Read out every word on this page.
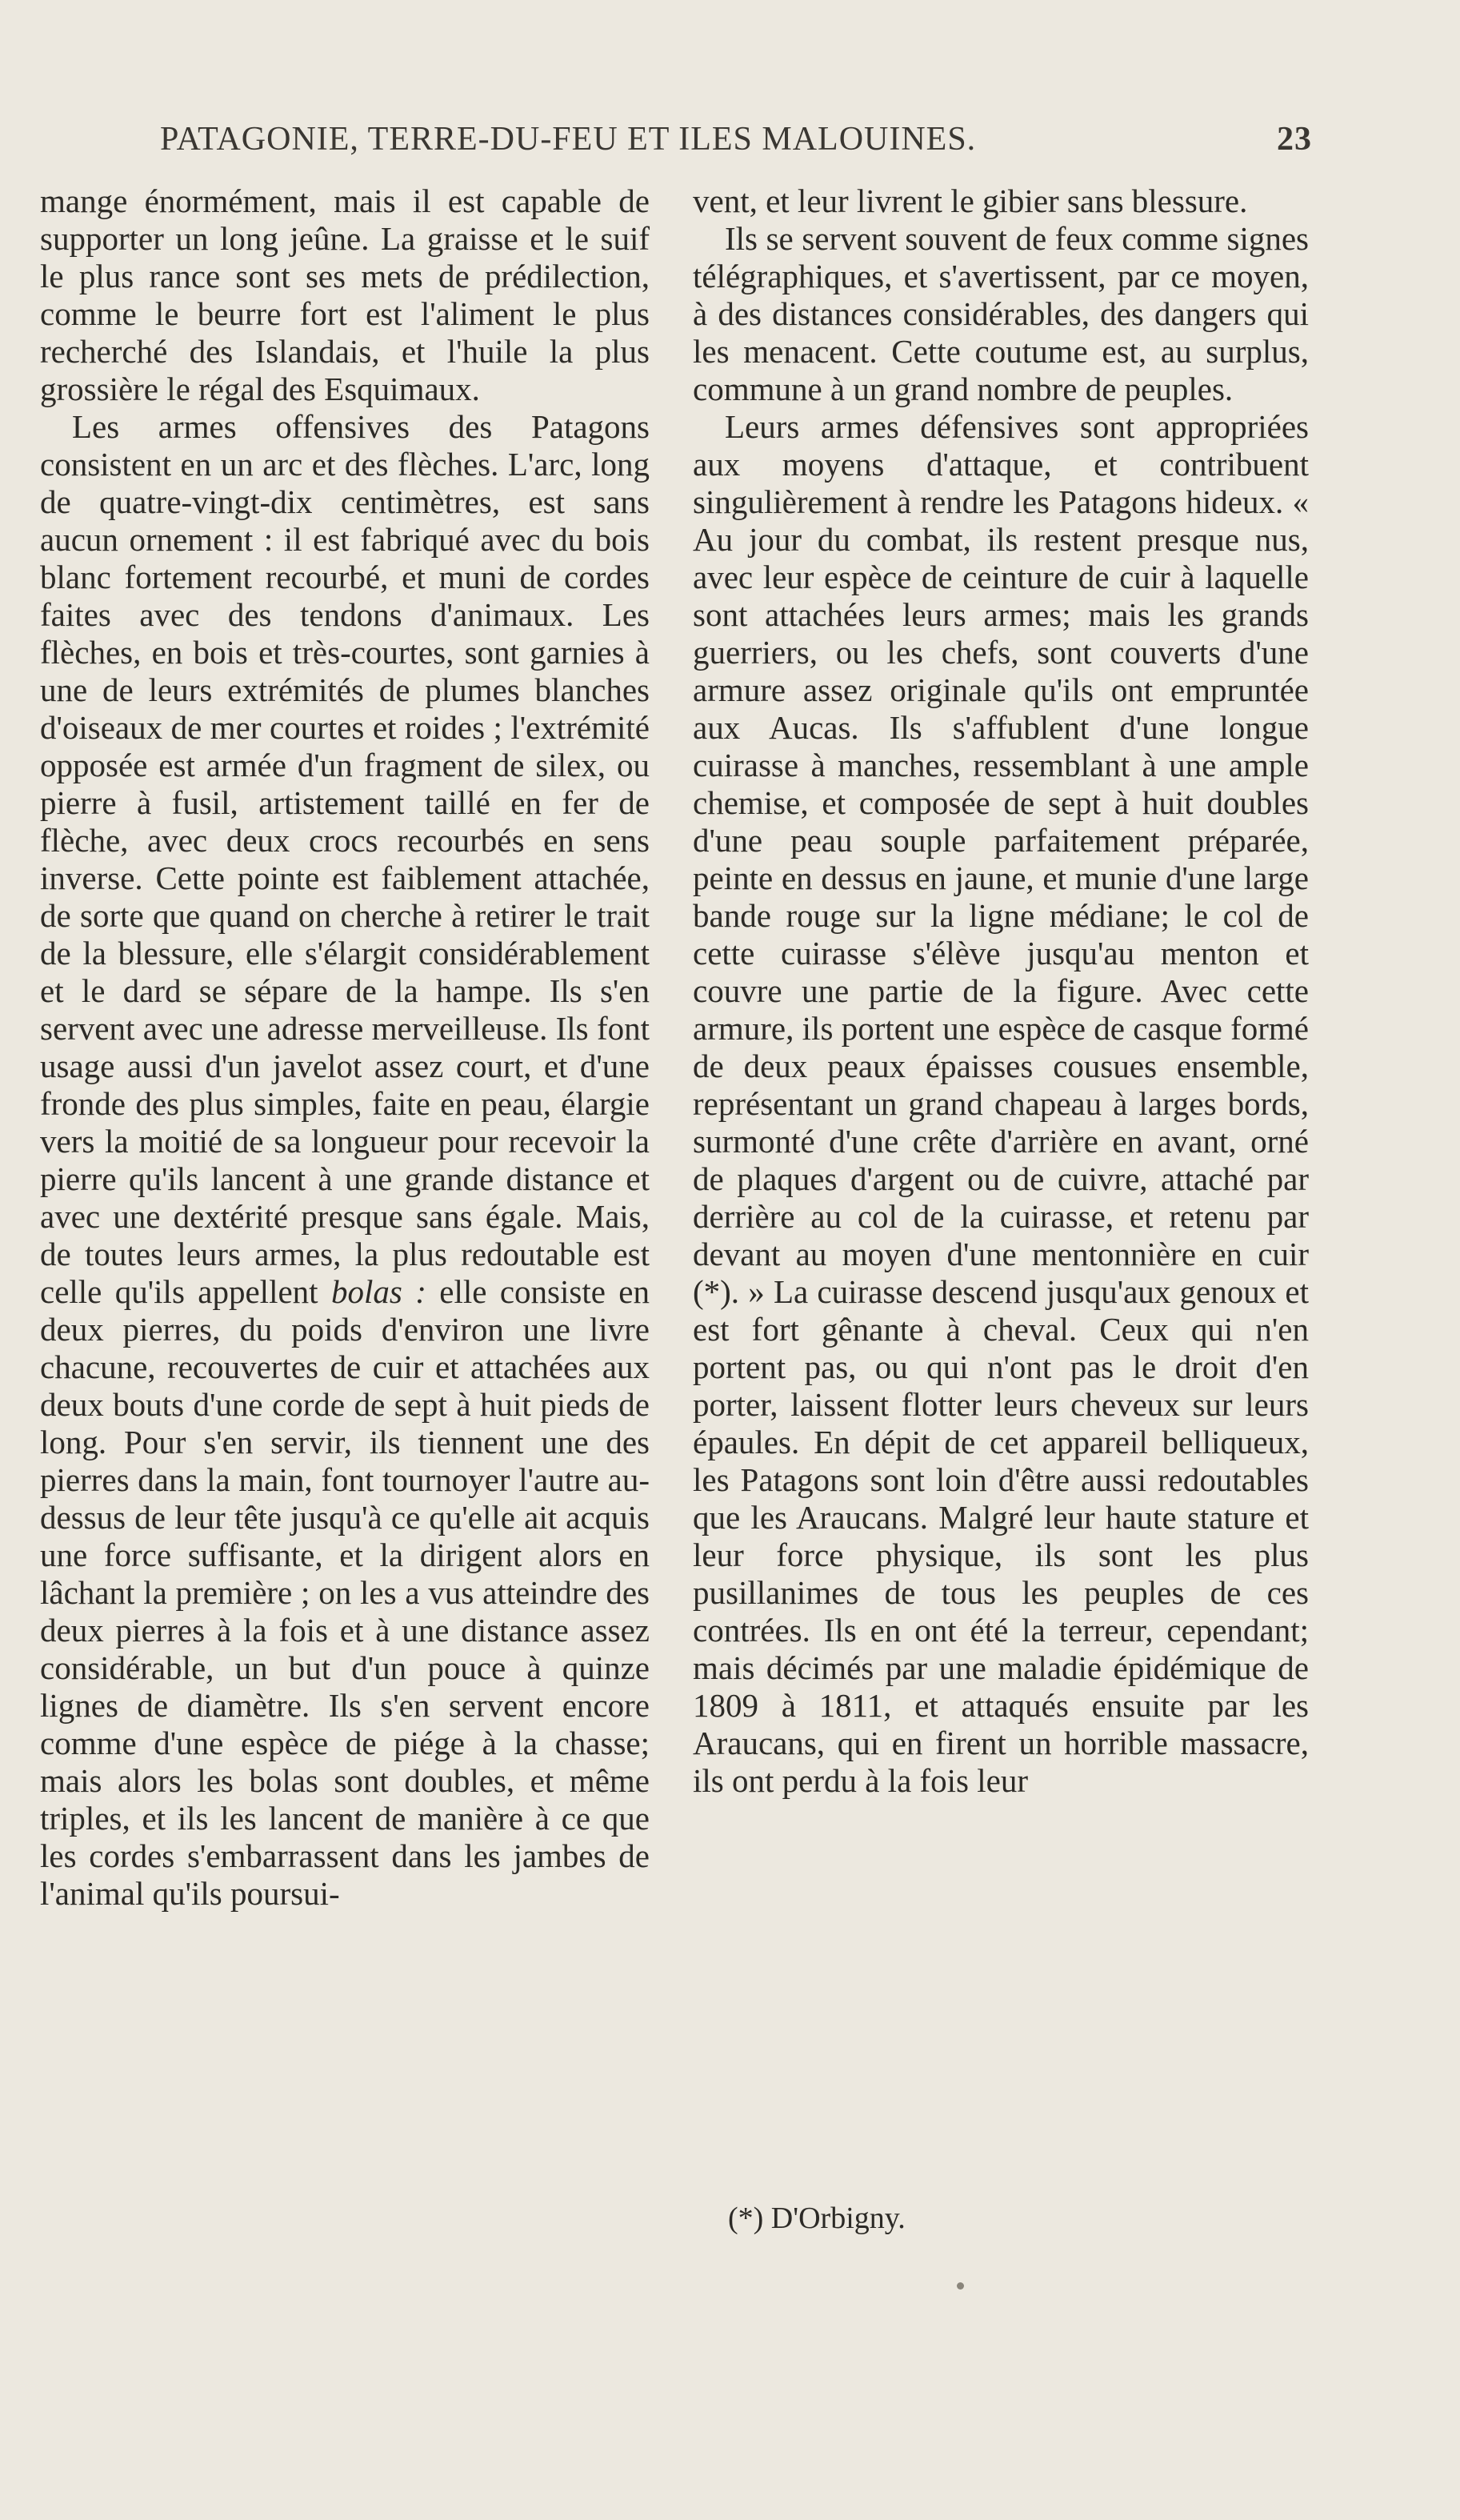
PATAGONIE, TERRE-DU-FEU ET ILES MALOUINES.	23

mange énormément, mais il est capable de supporter un long jeûne. La graisse et le suif le plus rance sont ses mets de prédilection, comme le beurre fort est l'aliment le plus recherché des Islandais, et l'huile la plus grossière le régal des Esquimaux.

Les armes offensives des Patagons consistent en un arc et des flèches. L'arc, long de quatre-vingt-dix centimètres, est sans aucun ornement : il est fabriqué avec du bois blanc fortement recourbé, et muni de cordes faites avec des tendons d'animaux. Les flèches, en bois et très-courtes, sont garnies à une de leurs extrémités de plumes blanches d'oiseaux de mer courtes et roides ; l'extrémité opposée est armée d'un fragment de silex, ou pierre à fusil, artistement taillé en fer de flèche, avec deux crocs recourbés en sens inverse. Cette pointe est faiblement attachée, de sorte que quand on cherche à retirer le trait de la blessure, elle s'élargit considérablement et le dard se sépare de la hampe. Ils s'en servent avec une adresse merveilleuse. Ils font usage aussi d'un javelot assez court, et d'une fronde des plus simples, faite en peau, élargie vers la moitié de sa longueur pour recevoir la pierre qu'ils lancent à une grande distance et avec une dextérité presque sans égale. Mais, de toutes leurs armes, la plus redoutable est celle qu'ils appellent bolas : elle consiste en deux pierres, du poids d'environ une livre chacune, recouvertes de cuir et attachées aux deux bouts d'une corde de sept à huit pieds de long. Pour s'en servir, ils tiennent une des pierres dans la main, font tournoyer l'autre au-dessus de leur tête jusqu'à ce qu'elle ait acquis une force suffisante, et la dirigent alors en lâchant la première ; on les a vus atteindre des deux pierres à la fois et à une distance assez considérable, un but d'un pouce à quinze lignes de diamètre. Ils s'en servent encore comme d'une espèce de piége à la chasse; mais alors les bolas sont doubles, et même triples, et ils les lancent de manière à ce que les cordes s'embarrassent dans les jambes de l'animal qu'ils poursui-

vent, et leur livrent le gibier sans blessure.

Ils se servent souvent de feux comme signes télégraphiques, et s'avertissent, par ce moyen, à des distances considérables, des dangers qui les menacent. Cette coutume est, au surplus, commune à un grand nombre de peuples.

Leurs armes défensives sont appropriées aux moyens d'attaque, et contribuent singulièrement à rendre les Patagons hideux. « Au jour du combat, ils restent presque nus, avec leur espèce de ceinture de cuir à laquelle sont attachées leurs armes; mais les grands guerriers, ou les chefs, sont couverts d'une armure assez originale qu'ils ont empruntée aux Aucas. Ils s'affublent d'une longue cuirasse à manches, ressemblant à une ample chemise, et composée de sept à huit doubles d'une peau souple parfaitement préparée, peinte en dessus en jaune, et munie d'une large bande rouge sur la ligne médiane; le col de cette cuirasse s'élève jusqu'au menton et couvre une partie de la figure. Avec cette armure, ils portent une espèce de casque formé de deux peaux épaisses cousues ensemble, représentant un grand chapeau à larges bords, surmonté d'une crête d'arrière en avant, orné de plaques d'argent ou de cuivre, attaché par derrière au col de la cuirasse, et retenu par devant au moyen d'une mentonnière en cuir (*). » La cuirasse descend jusqu'aux genoux et est fort gênante à cheval. Ceux qui n'en portent pas, ou qui n'ont pas le droit d'en porter, laissent flotter leurs cheveux sur leurs épaules. En dépit de cet appareil belliqueux, les Patagons sont loin d'être aussi redoutables que les Araucans. Malgré leur haute stature et leur force physique, ils sont les plus pusillanimes de tous les peuples de ces contrées. Ils en ont été la terreur, cependant; mais décimés par une maladie épidémique de 1809 à 1811, et attaqués ensuite par les Araucans, qui en firent un horrible massacre, ils ont perdu à la fois leur

(*) D'Orbigny.
